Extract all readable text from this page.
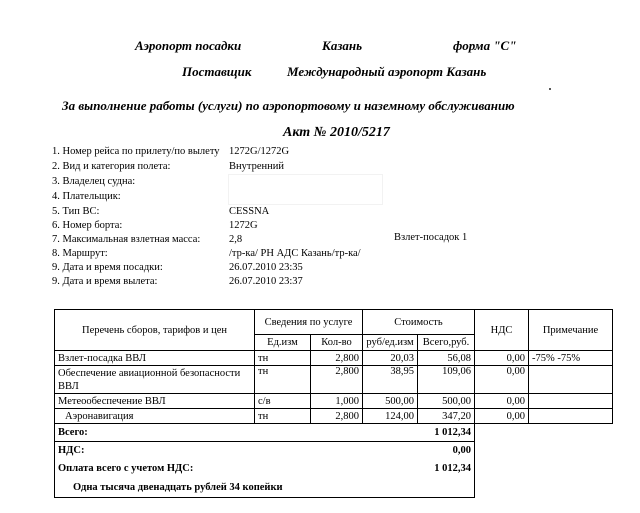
Аэропорт посадки	Казань	форма "С"
Поставщик	Международный аэропорт Казань
За выполнение работы (услуги) по аэропортовому и наземному обслуживанию
Акт № 2010/5217
1. Номер рейса по прилету/по вылету 1272G/1272G
2. Вид и категория полета:	Внутренний
3. Владелец судна:
4. Плательщик:
5. Тип ВС:	CESSNA
6. Номер борта:	1272G
7. Максимальная взлетная масса:	2,8
8. Маршрут:	/тр-ка/ РН АДС Казань/тр-ка/
9. Дата и время посадки:	26.07.2010 23:35
9. Дата и время вылета:	26.07.2010 23:37
Взлет-посадок 1
Перечень сборов, тарифов и цен	Сведения по услуге		Стоимость		НДС	Примечание
	Ед.изм	Кол-во	руб/ед.изм	Всего,руб.		
Взлет-посадка ВВЛ	тн	2,800	20,03	56,08	0,00	-75% -75%
Обеспечение авиационной безопасности ВВЛ	тн	2,800	38,95	109,06	0,00	
Метеообеспечение ВВЛ	с/в	1,000	500,00	500,00	0,00	
Аэронавигация	тн	2,800	124,00	347,20	0,00	
Всего:				1 012,34		
НДС:				0,00		
Оплата всего с учетом НДС:				1 012,34		
Одна тысяча двенадцать рублей 34 копейки						
